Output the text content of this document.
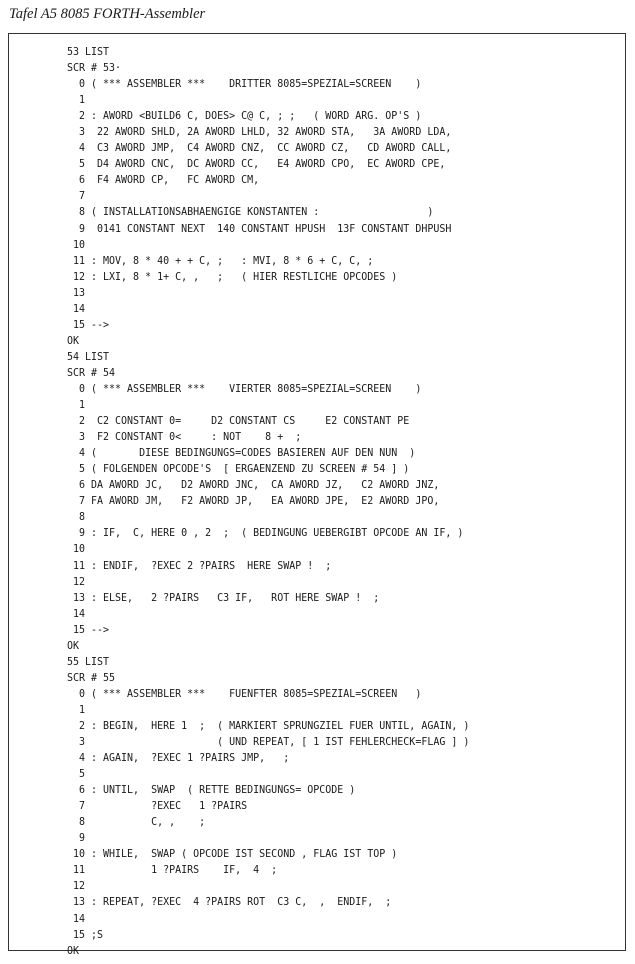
Tafel A5 8085 FORTH-Assembler
53 LIST
SCR # 53·
0 ( *** ASSEMBLER ***    DRITTER 8085=SPEZIAL=SCREEN    )
1
2 : AWORD <BUILD6 C, DOES> C@ C, ; ;   ( WORD ARG. OP'S )
3  22 AWORD SHLD, 2A AWORD LHLD, 32 AWORD STA,   3A AWORD LDA,
4  C3 AWORD JMP,  C4 AWORD CNZ,  CC AWORD CZ,   CD AWORD CALL,
5  D4 AWORD CNC,  DC AWORD CC,   E4 AWORD CPO,  EC AWORD CPE,
6  F4 AWORD CP,   FC AWORD CM,
7
8 ( INSTALLATIONSABHAENGIGE KONSTANTEN :                  )
9  0141 CONSTANT NEXT  140 CONSTANT HPUSH  13F CONSTANT DHPUSH
10
11 : MOV, 8 * 40 + + C, ;   : MVI, 8 * 6 + C, C, ;
12 : LXI, 8 * 1+ C, ,   ;   ( HIER RESTLICHE OPCODES )
13
14
15 -->
OK
54 LIST
SCR # 54
0 ( *** ASSEMBLER ***    VIERTER 8085=SPEZIAL=SCREEN    )
1
2  C2 CONSTANT 0=     D2 CONSTANT CS     E2 CONSTANT PE
3  F2 CONSTANT 0<     : NOT    8 +  ;
4 (       DIESE BEDINGUNGS=CODES BASIEREN AUF DEN NUN  )
5 ( FOLGENDEN OPCODE'S  [ ERGAENZEND ZU SCREEN # 54 ] )
6 DA AWORD JC,   D2 AWORD JNC,  CA AWORD JZ,   C2 AWORD JNZ,
7 FA AWORD JM,   F2 AWORD JP,   EA AWORD JPE,  E2 AWORD JPO,
8
9 : IF,  C, HERE 0 , 2  ;  ( BEDINGUNG UEBERGIBT OPCODE AN IF, )
10
11 : ENDIF,  ?EXEC 2 ?PAIRS  HERE SWAP !  ;
12
13 : ELSE,   2 ?PAIRS   C3 IF,   ROT HERE SWAP !  ;
14
15 -->
OK
55 LIST
SCR # 55
0 ( *** ASSEMBLER ***    FUENFTER 8085=SPEZIAL=SCREEN   )
1
2 : BEGIN,  HERE 1  ;  ( MARKIERT SPRUNGZIEL FUER UNTIL, AGAIN, )
3                      ( UND REPEAT, [ 1 IST FEHLERCHECK=FLAG ] )
4 : AGAIN,  ?EXEC 1 ?PAIRS JMP,   ;
5
6 : UNTIL,  SWAP  ( RETTE BEDINGUNGS= OPCODE )
7           ?EXEC   1 ?PAIRS
8           C, ,    ;
9
10 : WHILE,  SWAP ( OPCODE IST SECOND , FLAG IST TOP )
11           1 ?PAIRS    IF,  4  ;
12
13 : REPEAT, ?EXEC  4 ?PAIRS ROT  C3 C,  ,  ENDIF,  ;
14
15 ;S
OK
